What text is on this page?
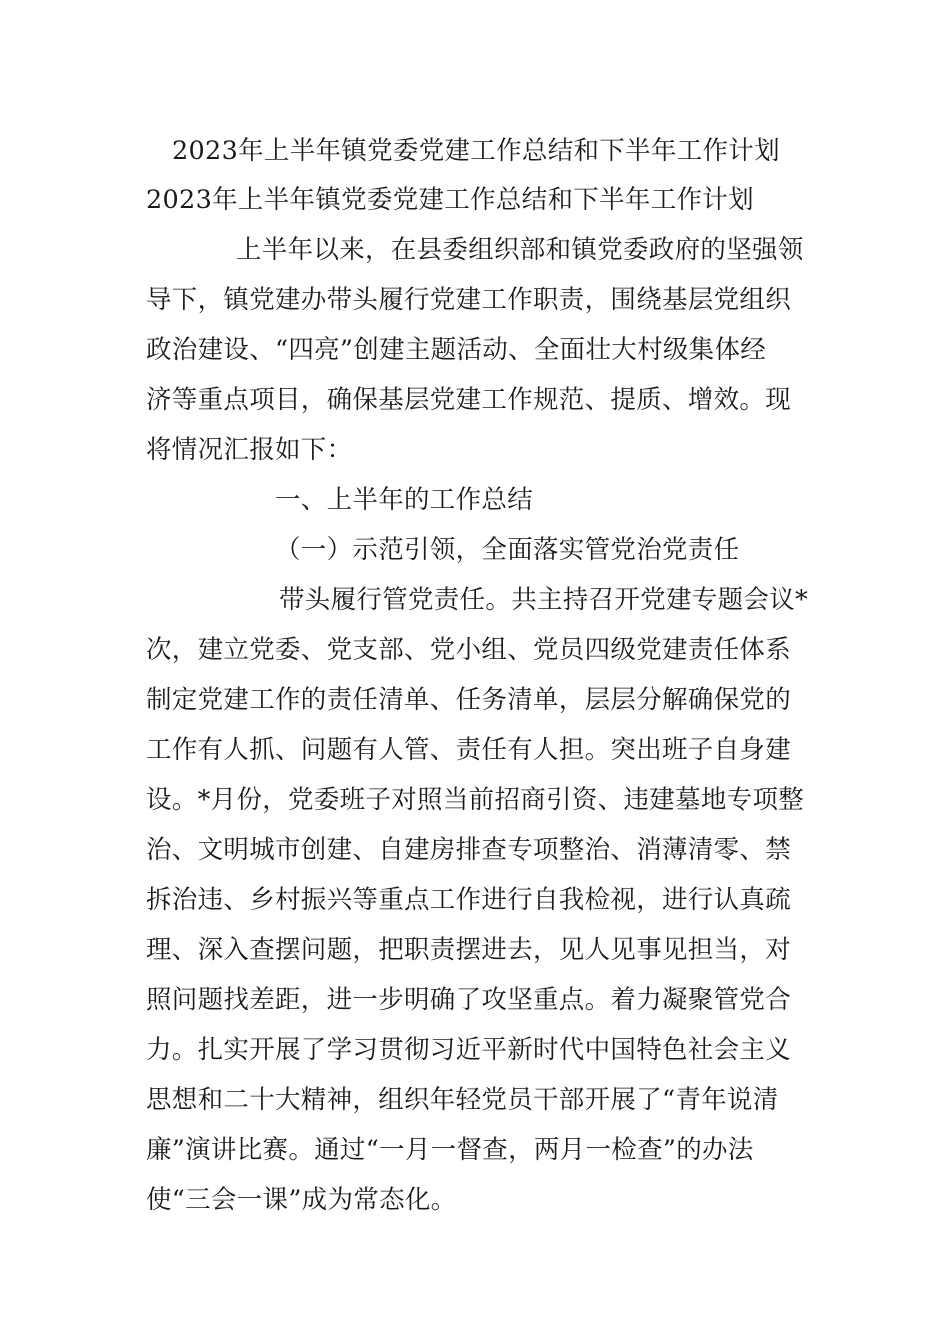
2023年上半年镇党委党建工作总结和下半年工作计划
2023年上半年镇党委党建工作总结和下半年工作计划
上半年以来，在县委组织部和镇党委政府的坚强领
导下，镇党建办带头履行党建工作职责，围绕基层党组织
政治建设、“四亮”创建主题活动、全面壮大村级集体经
济等重点项目，确保基层党建工作规范、提质、增效。现
将情况汇报如下：
一、上半年的工作总结
（一）示范引领，全面落实管党治党责任
带头履行管党责任。共主持召开党建专题会议*
次，建立党委、党支部、党小组、党员四级党建责任体系
制定党建工作的责任清单、任务清单，层层分解确保党的
工作有人抓、问题有人管、责任有人担。突出班子自身建
设。*月份，党委班子对照当前招商引资、违建墓地专项整
治、文明城市创建、自建房排查专项整治、消薄清零、禁
拆治违、乡村振兴等重点工作进行自我检视，进行认真疏
理、深入查摆问题，把职责摆进去，见人见事见担当，对
照问题找差距，进一步明确了攻坚重点。着力凝聚管党合
力。扎实开展了学习贯彻习近平新时代中国特色社会主义
思想和二十大精神，组织年轻党员干部开展了“青年说清
廉”演讲比赛。通过“一月一督查，两月一检查”的办法
使“三会一课”成为常态化。
